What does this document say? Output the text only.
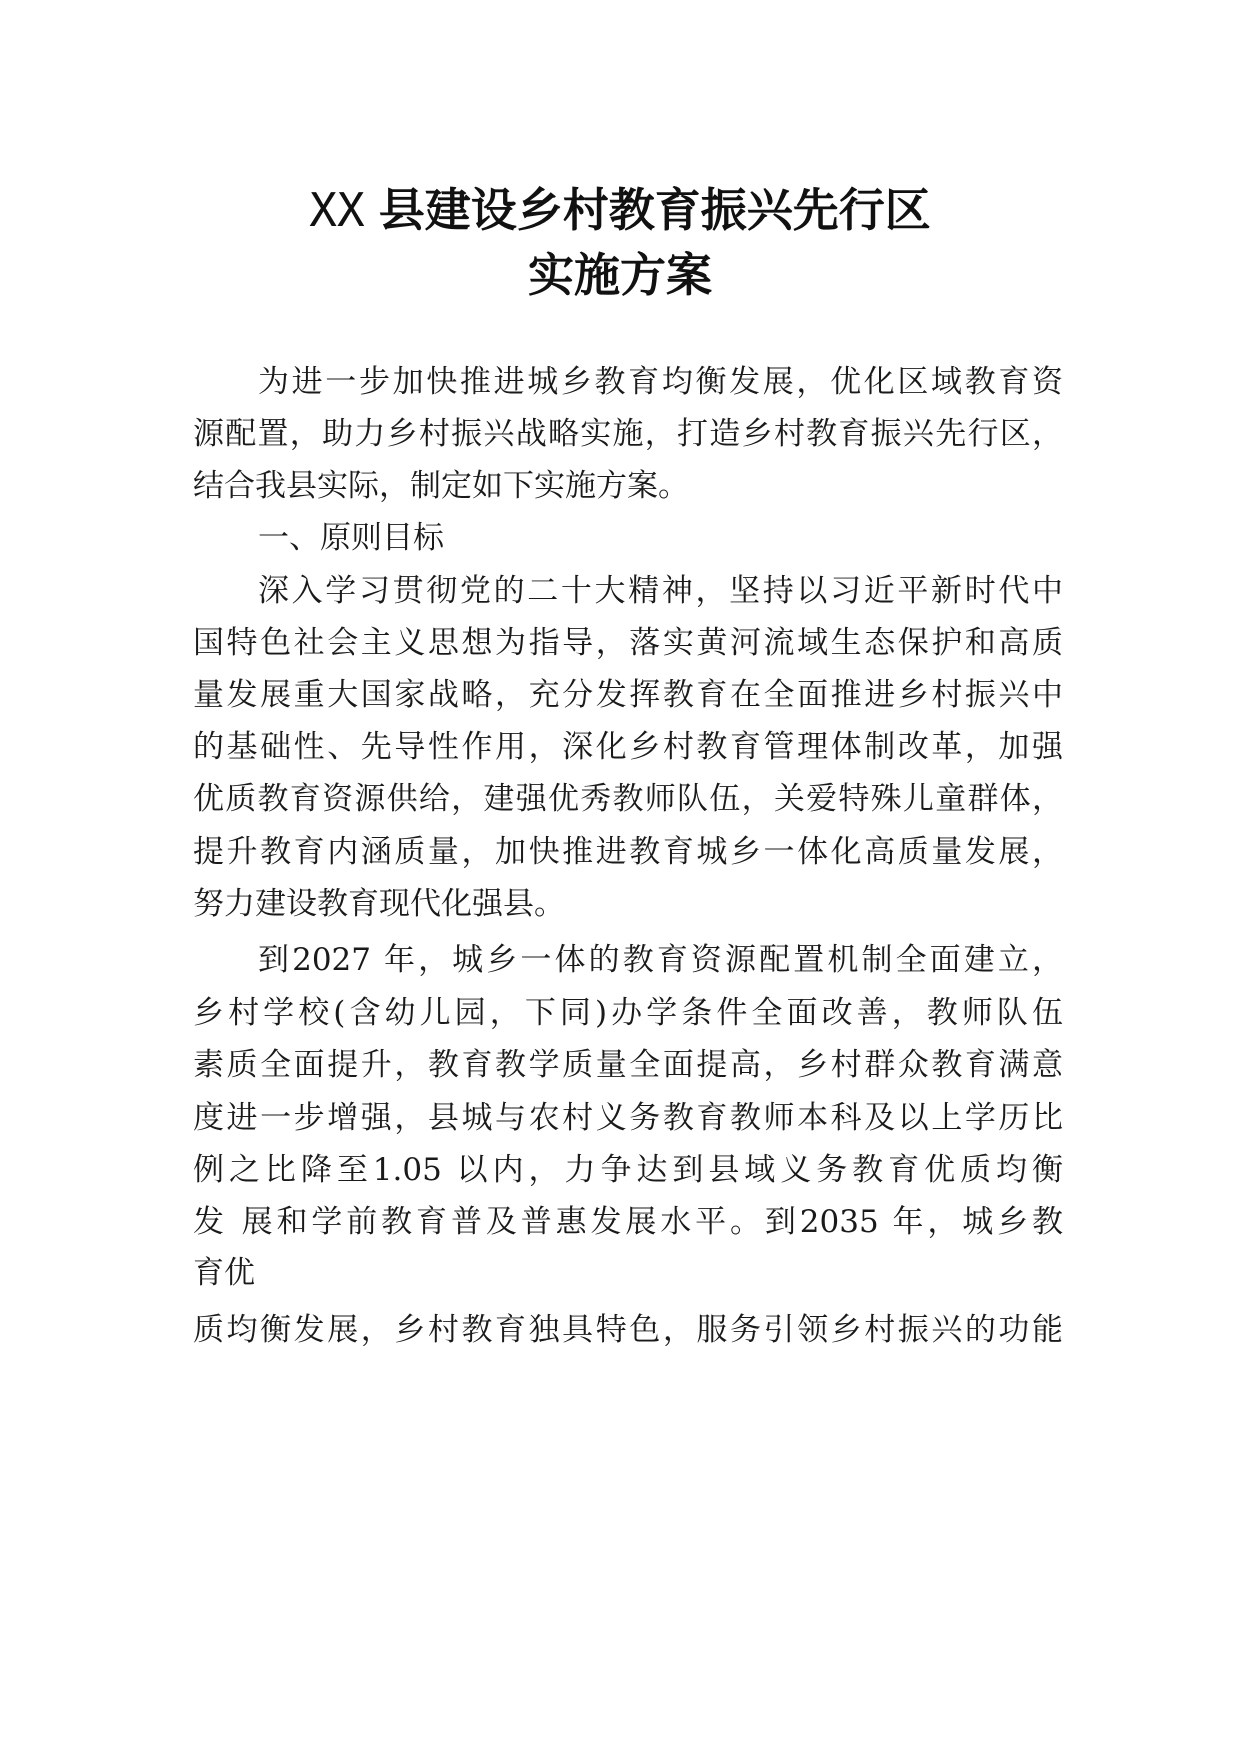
XX 县建设乡村教育振兴先行区
实施方案

为进一步加快推进城乡教育均衡发展，优化区域教育资

源配置，助力乡村振兴战略实施，打造乡村教育振兴先行区，

结合我县实际，制定如下实施方案。

一、原则目标

深入学习贯彻党的二十大精神，坚持以习近平新时代中

国特色社会主义思想为指导，落实黄河流域生态保护和高质

量发展重大国家战略，充分发挥教育在全面推进乡村振兴中

的基础性、先导性作用，深化乡村教育管理体制改革，加强

优质教育资源供给，建强优秀教师队伍，关爱特殊儿童群体，

提升教育内涵质量，加快推进教育城乡一体化高质量发展，

努力建设教育现代化强县。

到2027 年，城乡一体的教育资源配置机制全面建立，

乡村学校(含幼儿园，下同)办学条件全面改善，教师队伍

素质全面提升，教育教学质量全面提高，乡村群众教育满意

度进一步增强，县城与农村义务教育教师本科及以上学历比

例之比降至1.05 以内，力争达到县域义务教育优质均衡

发 展和学前教育普及普惠发展水平。到2035 年，城乡教

育优

质均衡发展，乡村教育独具特色，服务引领乡村振兴的功能
